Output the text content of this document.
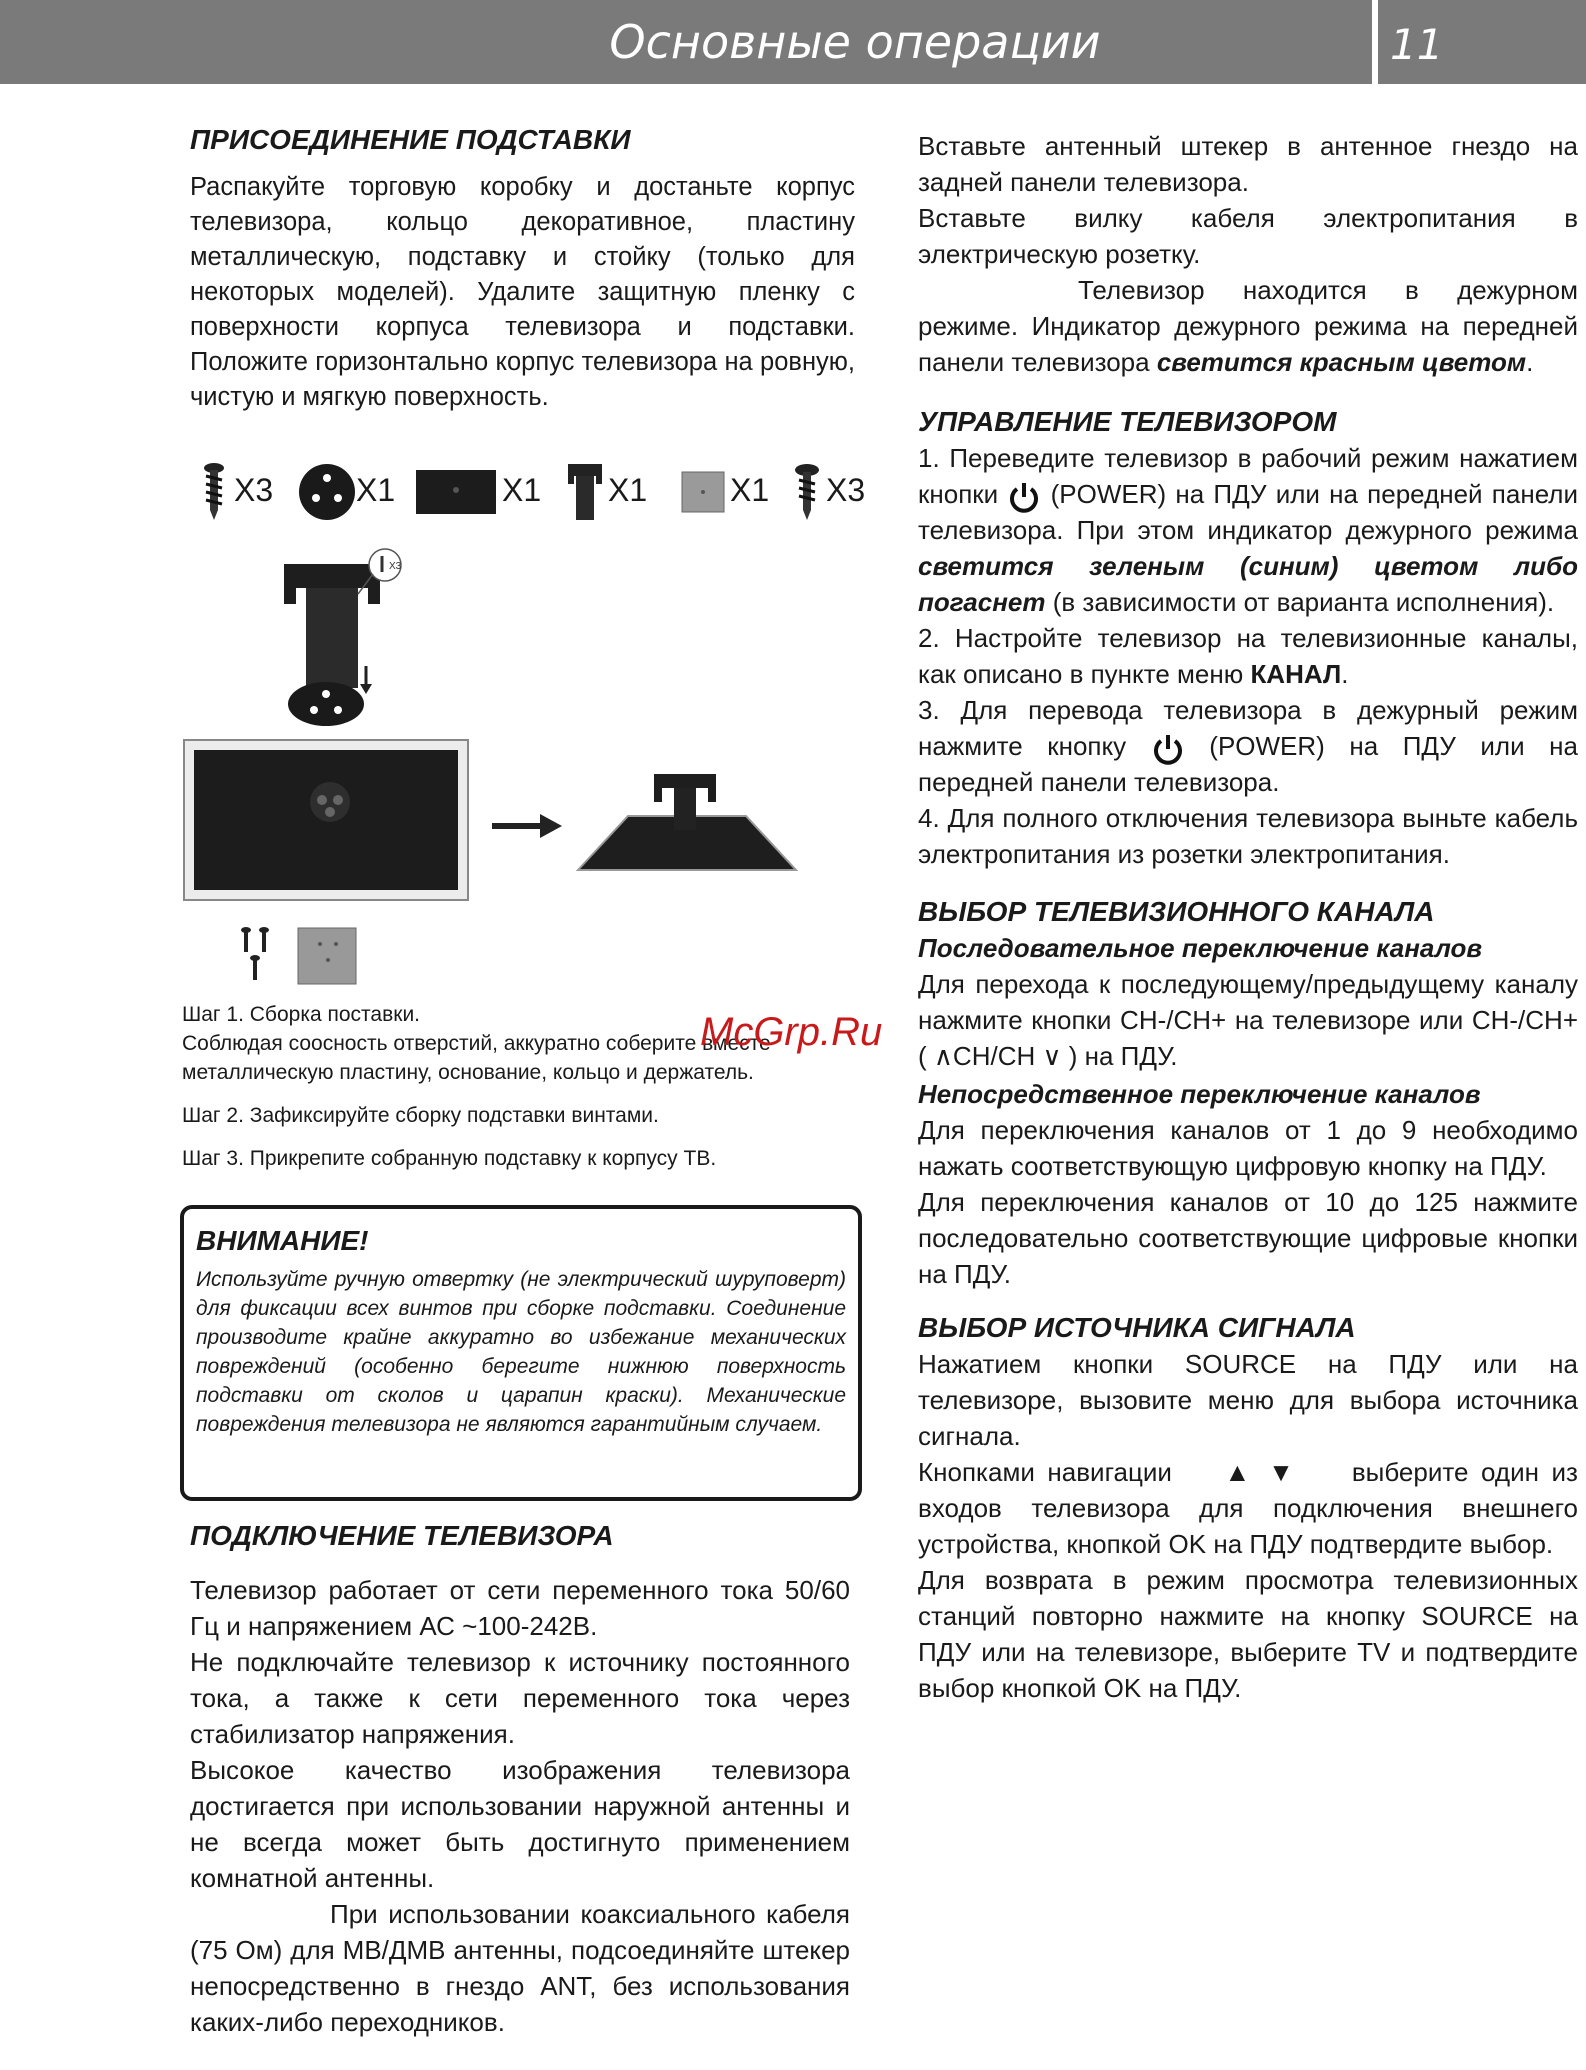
Основные операции	11
ПРИСОЕДИНЕНИЕ ПОДСТАВКИ
Распакуйте торговую коробку и достаньте корпус телевизора, кольцо декоративное, пластину металлическую, подставку и стойку (только для некоторых моделей). Удалите защитную пленку с поверхности корпуса телевизора и подставки. Положите горизонтально корпус телевизора на ровную, чистую и мягкую поверхность.
X3	X1	X1 X1	X1 X3
X3
Шаг 1. Сборка поставки.
Соблюдая соосность отверстий, аккуратно соберите вместе металлическую пластину, основание, кольцо и держатель.
Шаг 2. Зафиксируйте сборку подставки винтами.
Шаг 3. Прикрепите собранную подставку к корпусу ТВ.
McGrp.Ru
ВНИМАНИЕ!
Используйте ручную отвертку (не электрический шуруповерт) для фиксации всех винтов при сборке подставки. Соединение производите крайне аккуратно во избежание механических повреждений (особенно берегите нижнюю поверхность подставки от сколов и царапин краски). Механические повреждения телевизора не являются гарантийным случаем.
ПОДКЛЮЧЕНИЕ ТЕЛЕВИЗОРА
Телевизор работает от сети переменного тока 50/60 Гц и напряжением АС ~100-242В.
Не подключайте телевизор к источнику постоянного тока, а также к сети переменного тока через стабилизатор напряжения.
Высокое качество изображения телевизора достигается при использовании наружной антенны и не всегда может быть достигнуто применением комнатной антенны.
При использовании коаксиального кабеля (75 Ом) для МВ/ДМВ антенны, подсоединяйте штекер непосредственно в гнездо ANT, без использования каких-либо переходников.
Вставьте антенный штекер в антенное гнездо на задней панели телевизора.
Вставьте вилку кабеля электропитания в электрическую розетку.
Телевизор находится в дежурном режиме. Индикатор дежурного режима на передней панели телевизора светится красным цветом.
УПРАВЛЕНИЕ ТЕЛЕВИЗОРОМ
1. Переведите телевизор в рабочий режим нажатием кнопки  (POWER) на ПДУ или на передней панели телевизора. При этом индикатор дежурного режима светится зеленым (синим) цветом либо погаснет (в зависимости от варианта исполнения).
2. Настройте телевизор на телевизионные каналы, как описано в пункте меню КАНАЛ.
3. Для перевода телевизора в дежурный режим нажмите кнопку  (POWER) на ПДУ или на передней панели телевизора.
4. Для полного отключения телевизора выньте кабель электропитания из розетки электропитания.
ВЫБОР ТЕЛЕВИЗИОННОГО КАНАЛА
Последовательное переключение каналов
Для перехода к последующему/предыдущему каналу нажмите кнопки CH-/CH+ на телевизоре или CH-/CH+ ( ∧CH/CH ∨ ) на ПДУ.
Непосредственное переключение каналов
Для переключения каналов от 1 до 9 необходимо нажать соответствующую цифровую кнопку на ПДУ.
Для переключения каналов от 10 до 125 нажмите последовательно соответствующие цифровые кнопки на ПДУ.
ВЫБОР ИСТОЧНИКА СИГНАЛА
Нажатием кнопки SOURCE на ПДУ или на телевизоре, вызовите меню для выбора источника сигнала.
Кнопками навигации ▲ ▼ выберите один из входов телевизора для подключения внешнего устройства, кнопкой OK на ПДУ подтвердите выбор.
Для возврата в режим просмотра телевизионных станций повторно нажмите на кнопку SOURCE на ПДУ или на телевизоре, выберите TV и подтвердите выбор кнопкой OK на ПДУ.
